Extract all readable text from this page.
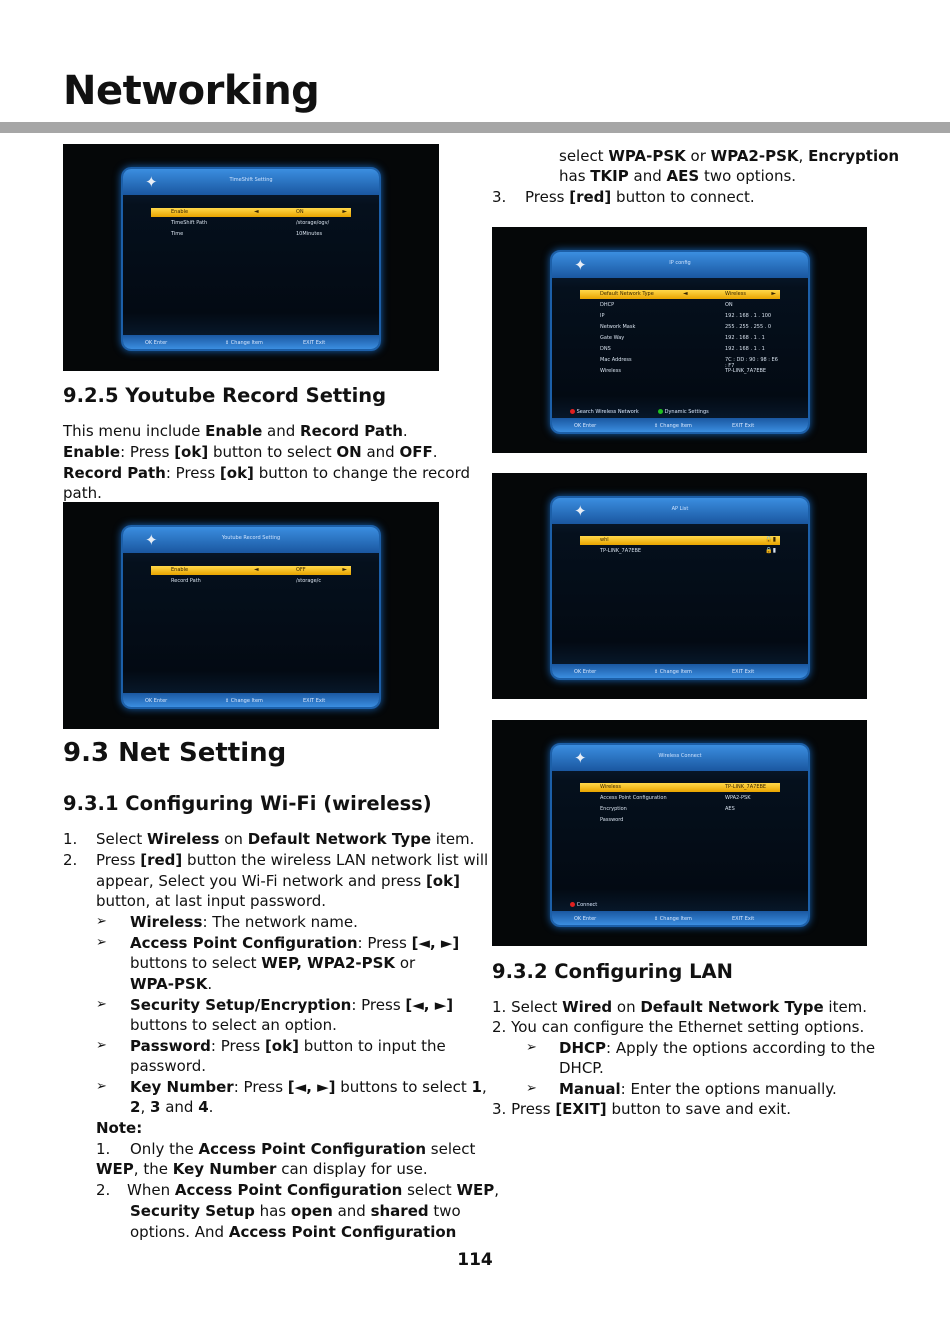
Networking
✦	TimeShift Setting
Enable	◄	ON	►
TimeShift Path	/storage/ogv/
Time	10Minutes
OK Enter	⇕ Change Item	EXIT Exit
9.2.5 Youtube Record Setting
This menu include Enable and Record Path.
Enable: Press [ok] button to select ON and OFF.
Record Path: Press [ok] button to change the record
path.
✦	Youtube Record Setting
Enable	◄	OFF	►
Record Path	/storage/c
OK Enter	⇕ Change Item	EXIT Exit
9.3 Net Setting
9.3.1 Configuring Wi-Fi (wireless)
1. Select Wireless on Default Network Type item.
2. Press [red] button the wireless LAN network list will
appear, Select you Wi-Fi network and press [ok]
button, at last input password.
➢ Wireless: The network name.
➢ Access Point Configuration: Press [◄, ►]
buttons to select WEP, WPA2-PSK or
WPA-PSK.
➢ Security Setup/Encryption: Press [◄, ►]
buttons to select an option.
➢ Password: Press [ok] button to input the
password.
➢ Key Number: Press [◄, ►] buttons to select 1,
2, 3 and 4.
Note:
1. Only the Access Point Configuration select
WEP, the Key Number can display for use.
2. When Access Point Configuration select WEP,
Security Setup has open and shared two
options. And Access Point Configuration
select WPA-PSK or WPA2-PSK, Encryption
has TKIP and AES two options.
3. Press [red] button to connect.
✦	IP config
Default Network Type	◄	Wireless	►
DHCP	ON
IP	192 . 168 . 1 . 100
Network Mask	255 . 255 . 255 . 0
Gate Way	192 . 168 . 1 . 1
DNS	192 . 168 . 1 . 1
Mac Address	7C : DD : 90 : 98 : E6 : F7
Wireless	TP-LINK_7A7EBE
Search Wireless Network	Dynamic Settings
OK Enter	⇕ Change Item	EXIT Exit
✦	AP List
whl	🔒▮
TP-LINK_7A7EBE	🔒▮
OK Enter	⇕ Change Item	EXIT Exit
✦	Wireless Connect
Wireless	TP-LINK_7A7EBE
Access Point Configuration	WPA2-PSK
Encryption	AES
Password
Connect
OK Enter	⇕ Change Item	EXIT Exit
9.3.2 Configuring LAN
1. Select Wired on Default Network Type item.
2. You can configure the Ethernet setting options.
➢ DHCP: Apply the options according to the
DHCP.
➢ Manual: Enter the options manually.
3. Press [EXIT] button to save and exit.
114
